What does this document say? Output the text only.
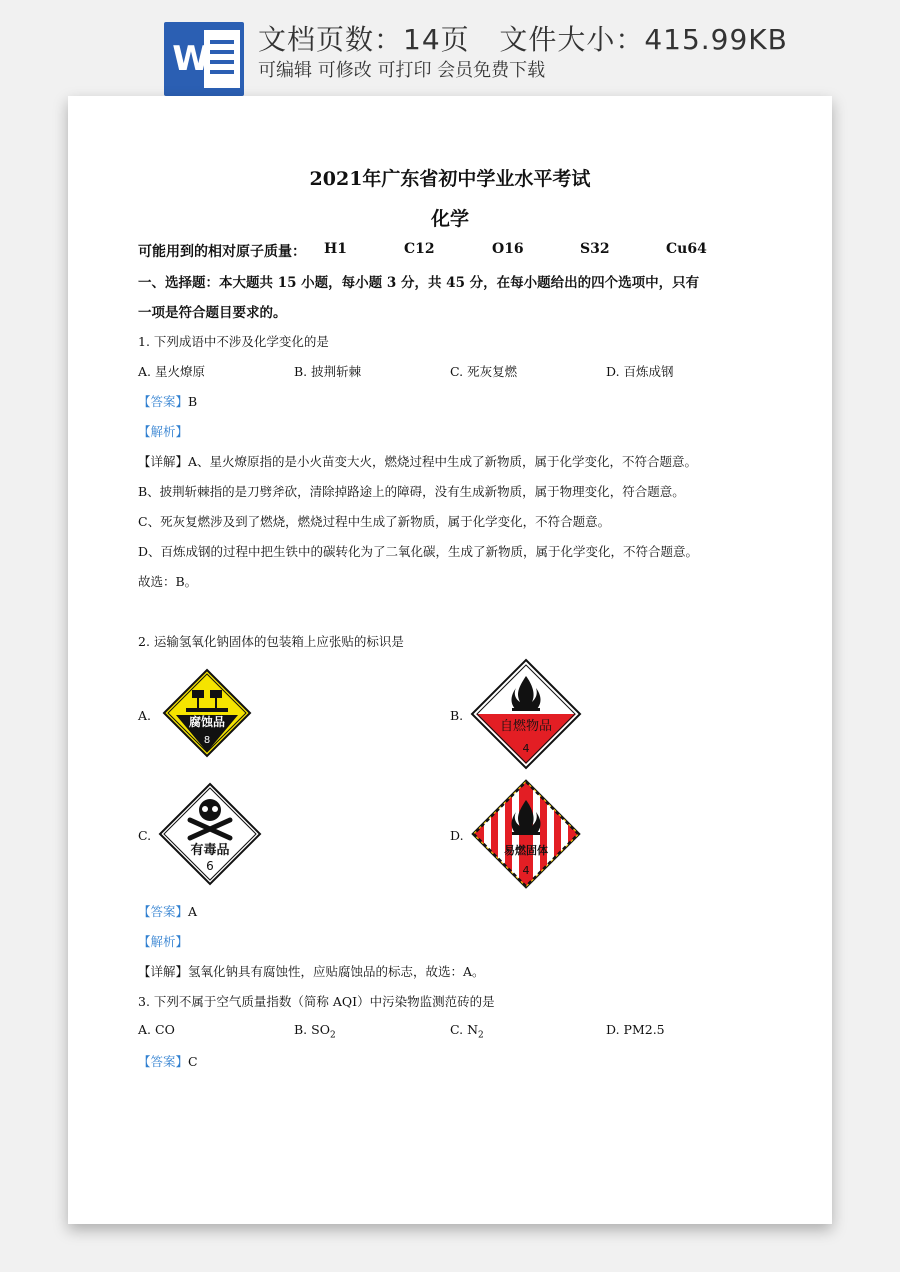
W 文档页数：14页   文件大小：415.99KB
可编辑 可修改 可打印 会员免费下载
2021年广东省初中学业水平考试
化学
可能用到的相对原子质量： H1	C12	O16	S32	Cu64
一、选择题：本大题共 15 小题，每小题 3 分，共 45 分，在每小题给出的四个选项中，只有
一项是符合题目要求的。
1. 下列成语中不涉及化学变化的是
A. 星火燎原	B. 披荆斩棘	C. 死灰复燃	D. 百炼成钢
【答案】B
【解析】
【详解】A、星火燎原指的是小火苗变大火，燃烧过程中生成了新物质，属于化学变化，不符合题意。
B、披荆斩棘指的是刀劈斧砍，清除掉路途上的障碍，没有生成新物质，属于物理变化，符合题意。
C、死灰复燃涉及到了燃烧，燃烧过程中生成了新物质，属于化学变化，不符合题意。
D、百炼成钢的过程中把生铁中的碳转化为了二氧化碳，生成了新物质，属于化学变化，不符合题意。
故选：B。
2. 运输氢氧化钠固体的包装箱上应张贴的标识是
A.	腐蚀品
8
B.
自燃物品
4
C.
有毒品
6
D.
易燃固体
4
【答案】A
【解析】
【详解】氢氧化钠具有腐蚀性，应贴腐蚀品的标志，故选：A。
3. 下列不属于空气质量指数（简称 AQI）中污染物监测范砖的是
A. CO	B. $SO_2$	C. $N_2$	D. PM2.5
【答案】C
